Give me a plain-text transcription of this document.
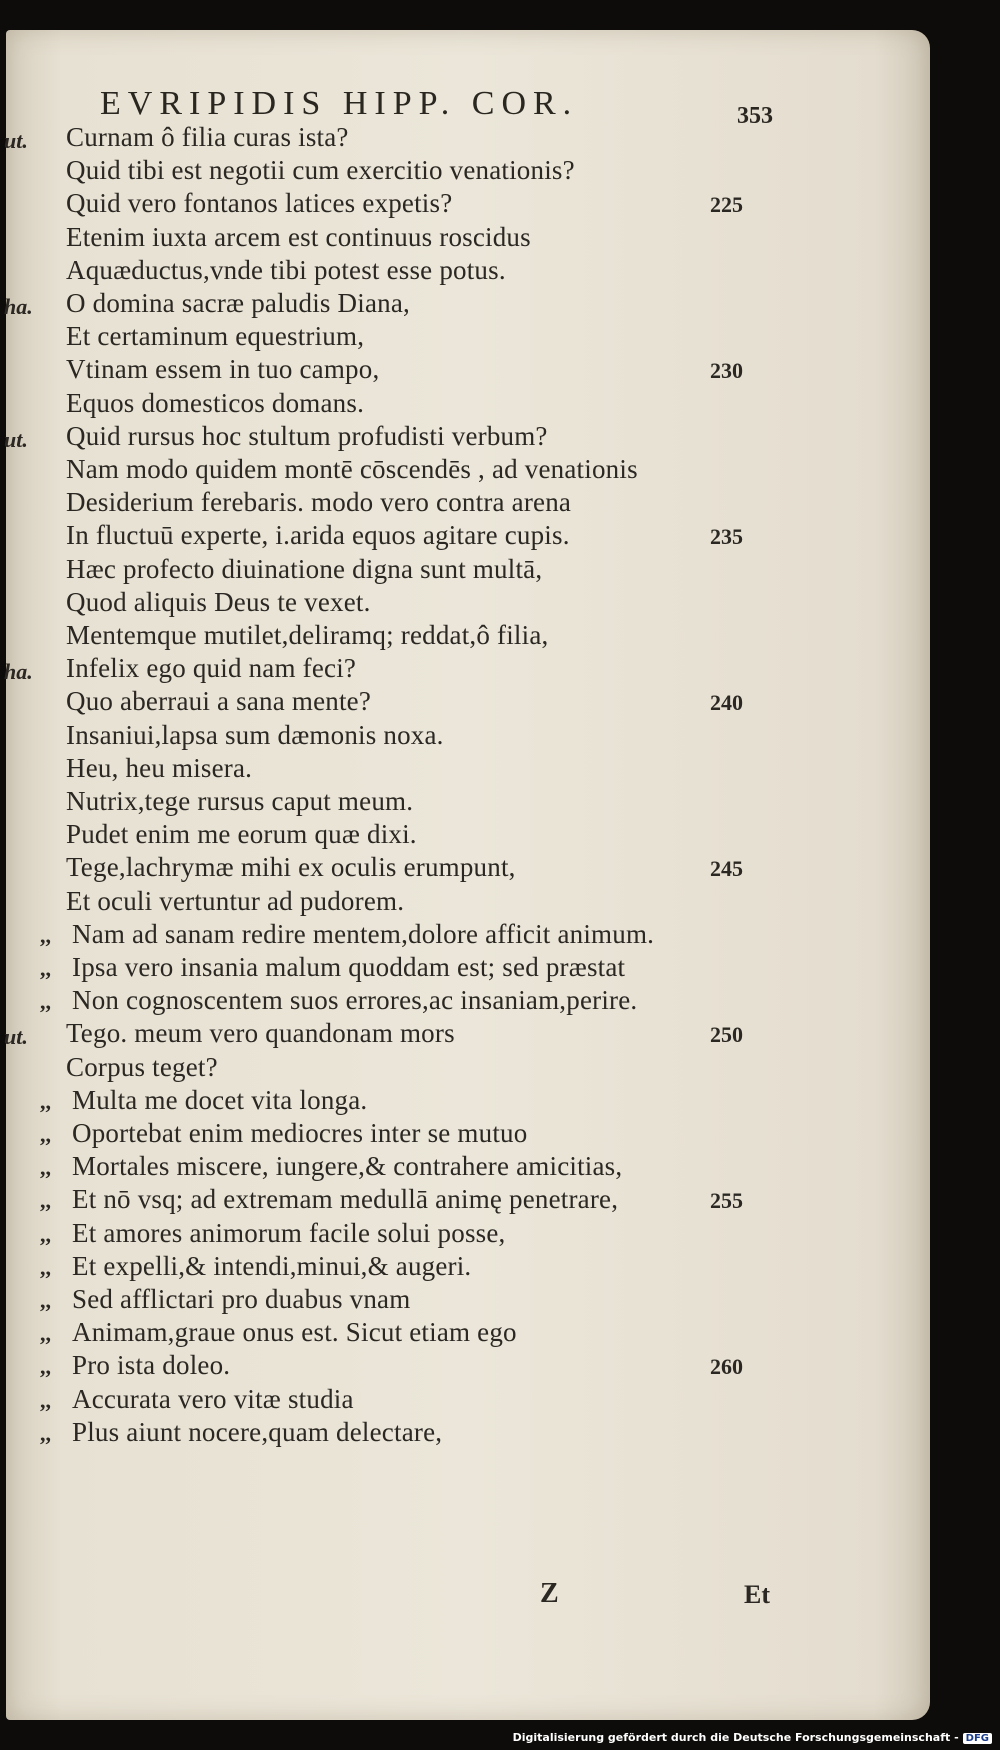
EVRIPIDIS HIPP. COR.	353
ut. Curnam ô filia curas ista?
Quid tibi est negotii cum exercitio venationis?
Quid vero fontanos latices expetis?	225
Etenim iuxta arcem est continuus roscidus
Aquæductus,vnde tibi potest esse potus.
ha. O domina sacræ paludis Diana,
Et certaminum equestrium,
Vtinam essem in tuo campo,	230
Equos domesticos domans.
ut. Quid rursus hoc stultum profudisti verbum?
Nam modo quidem montē cōscendēs , ad venationis
Desiderium ferebaris. modo vero contra arena
In fluctuū experte, i.arida equos agitare cupis.	235
Hæc profecto diuinatione digna sunt multā,
Quod aliquis Deus te vexet.
Mentemque mutilet,deliramq; reddat,ô filia,
ha. Infelix ego quid nam feci?
Quo aberraui a sana mente?	240
Insaniui,lapsa sum dæmonis noxa.
Heu, heu misera.
Nutrix,tege rursus caput meum.
Pudet enim me eorum quæ dixi.
Tege,lachrymæ mihi ex oculis erumpunt,	245
Et oculi vertuntur ad pudorem.
,, Nam ad sanam redire mentem,dolore afficit animum.
,, Ipsa vero insania malum quoddam est; sed præstat
,, Non cognoscentem suos errores,ac insaniam,perire.
ut. Tego. meum vero quandonam mors	250
Corpus teget?
,, Multa me docet vita longa.
,, Oportebat enim mediocres inter se mutuo
,, Mortales miscere, iungere,& contrahere amicitias,
,, Et nō vsq; ad extremam medullā animę penetrare,	255
,, Et amores animorum facile solui posse,
,, Et expelli,& intendi,minui,& augeri.
,, Sed afflictari pro duabus vnam
,, Animam,graue onus est. Sicut etiam ego
,, Pro ista doleo.	260
,, Accurata vero vitæ studia
,, Plus aiunt nocere,quam delectare,
Z	Et
Digitalisierung gefördert durch die Deutsche Forschungsgemeinschaft - DFG
